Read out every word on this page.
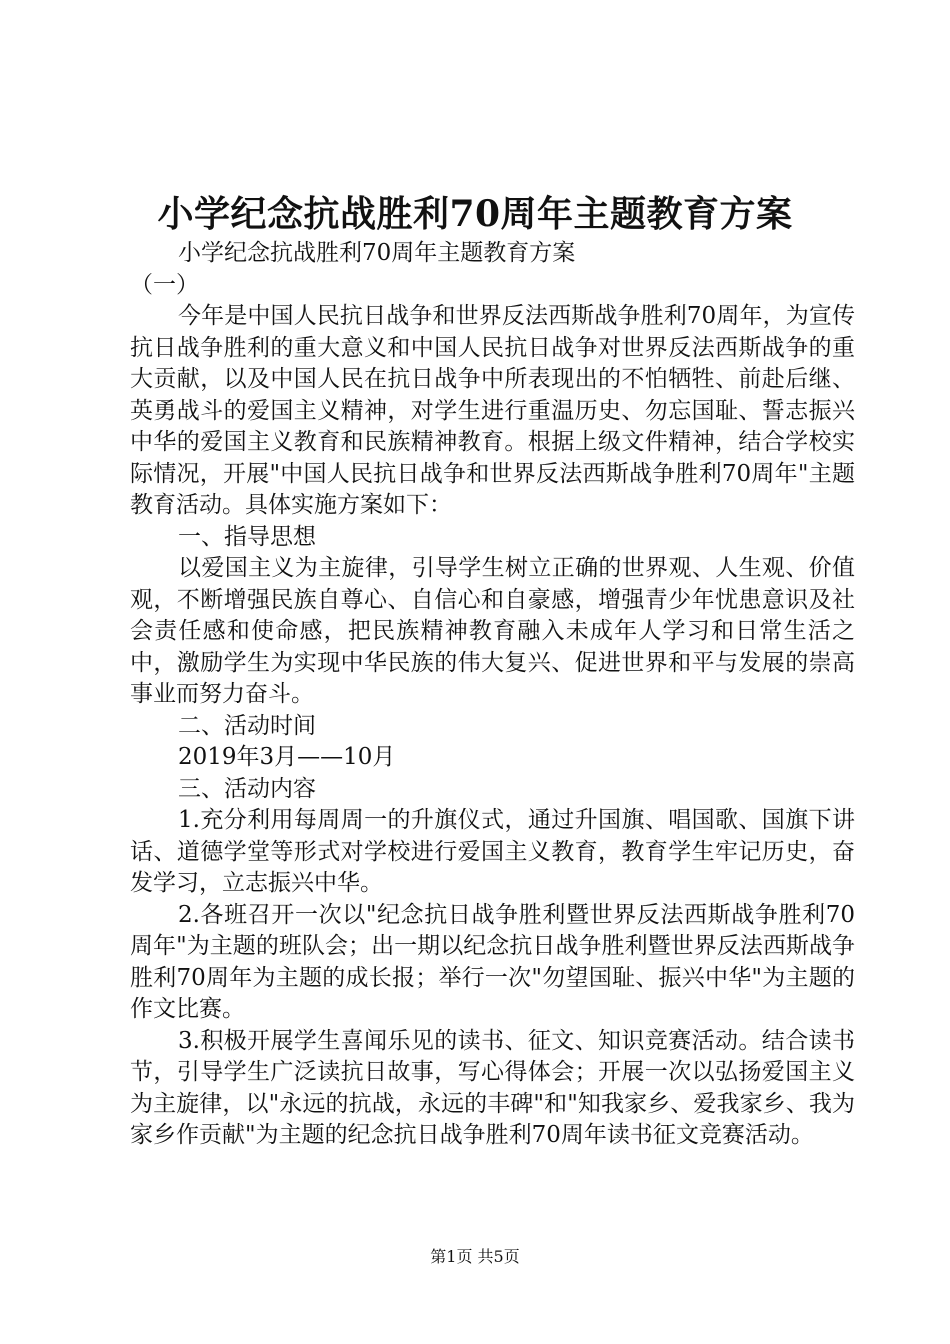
小学纪念抗战胜利70周年主题教育方案

小学纪念抗战胜利70周年主题教育方案

（一）

今年是中国人民抗日战争和世界反法西斯战争胜利70周年，为宣传抗日战争胜利的重大意义和中国人民抗日战争对世界反法西斯战争的重大贡献，以及中国人民在抗日战争中所表现出的不怕牺牲、前赴后继、英勇战斗的爱国主义精神，对学生进行重温历史、勿忘国耻、誓志振兴中华的爱国主义教育和民族精神教育。根据上级文件精神，结合学校实际情况，开展"中国人民抗日战争和世界反法西斯战争胜利70周年"主题教育活动。具体实施方案如下：

一、指导思想

以爱国主义为主旋律，引导学生树立正确的世界观、人生观、价值观，不断增强民族自尊心、自信心和自豪感，增强青少年忧患意识及社会责任感和使命感，把民族精神教育融入未成年人学习和日常生活之中，激励学生为实现中华民族的伟大复兴、促进世界和平与发展的崇高事业而努力奋斗。

二、活动时间

2019年3月——10月

三、活动内容

1.充分利用每周周一的升旗仪式，通过升国旗、唱国歌、国旗下讲话、道德学堂等形式对学校进行爱国主义教育，教育学生牢记历史，奋发学习，立志振兴中华。

2.各班召开一次以"纪念抗日战争胜利暨世界反法西斯战争胜利70周年"为主题的班队会；出一期以纪念抗日战争胜利暨世界反法西斯战争胜利70周年为主题的成长报；举行一次"勿望国耻、振兴中华"为主题的作文比赛。

3.积极开展学生喜闻乐见的读书、征文、知识竞赛活动。结合读书节，引导学生广泛读抗日故事，写心得体会；开展一次以弘扬爱国主义为主旋律，以"永远的抗战，永远的丰碑"和"知我家乡、爱我家乡、我为家乡作贡献"为主题的纪念抗日战争胜利70周年读书征文竞赛活动。

第1页 共5页
